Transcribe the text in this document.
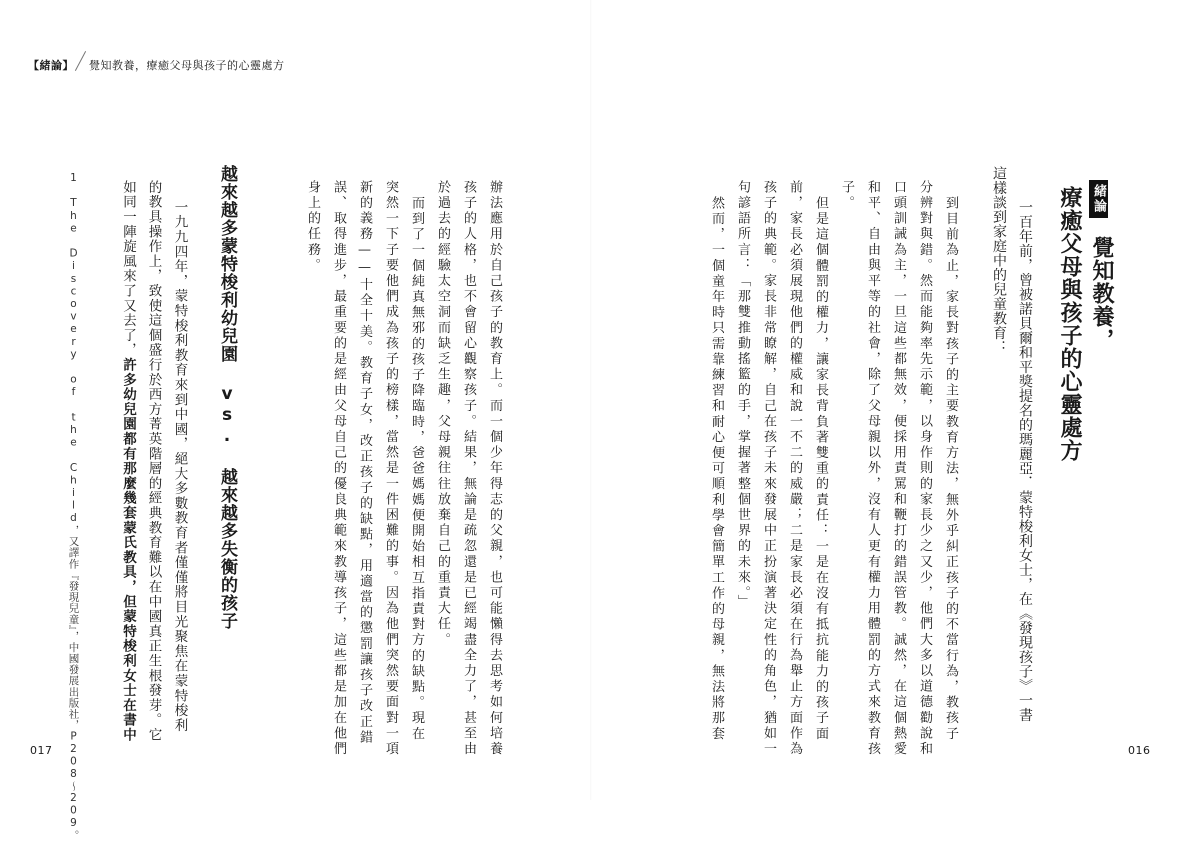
【緒論】 覺知教養，療癒父母與孩子的心靈處方
017	016
緒論
覺知教養，
療癒父母與孩子的心靈處方
一百年前，曾被諾貝爾和平獎提名的瑪麗亞．蒙特梭利女士，在《發現孩子》一書
這樣談到家庭中的兒童教育：
到目前為止，家長對孩子的主要教育方法，無外乎糾正孩子的不當行為，教孩子
分辨對與錯。然而能夠率先示範，以身作則的家長少之又少，他們大多以道德勸說和
口頭訓誡為主，一旦這些都無效，便採用責罵和鞭打的錯誤管教。誠然，在這個熱愛
和平、自由與平等的社會，除了父母親以外，沒有人更有權力用體罰的方式來教育孩
子。
但是這個體罰的權力，讓家長背負著雙重的責任：一是在沒有抵抗能力的孩子面
前，家長必須展現他們的權威和說一不二的威嚴；二是家長必須在行為舉止方面作為
孩子的典範。家長非常瞭解，自己在孩子未來發展中正扮演著決定性的角色，猶如一
句諺語所言：「那雙推動搖籃的手，掌握著整個世界的未來。」
然而，一個童年時只需靠練習和耐心便可順利學會簡單工作的母親，無法將那套
辦法應用於自己孩子的教育上。而一個少年得志的父親，也可能懶得去思考如何培養
孩子的人格，也不會留心觀察孩子。結果，無論是疏忽還是已經竭盡全力了，甚至由
於過去的經驗太空洞而缺乏生趣，父母親往往放棄自己的重責大任。
而到了一個純真無邪的孩子降臨時，爸爸媽媽便開始相互指責對方的缺點。現在
突然一下子要他們成為孩子的榜樣，當然是一件困難的事。因為他們突然要面對一項
新的義務——十全十美。教育子女，改正孩子的缺點，用適當的懲罰讓孩子改正錯
誤、取得進步，最重要的是經由父母自己的優良典範來教導孩子，這些都是加在他們
身上的任務。
越來越多蒙特梭利幼兒園 vs. 越來越多失衡的孩子
一九九四年，蒙特梭利教育來到中國，絕大多數教育者僅僅將目光聚焦在蒙特梭利
的教具操作上，致使這個盛行於西方菁英階層的經典教育難以在中國真正生根發芽。它
如同一陣旋風來了又去了，許多幼兒園都有那麼幾套蒙氏教具，但蒙特梭利女士在書中
1 The Discovery of the Child，又譯作『發現兒童』，中國發展出版社，P208～209。
